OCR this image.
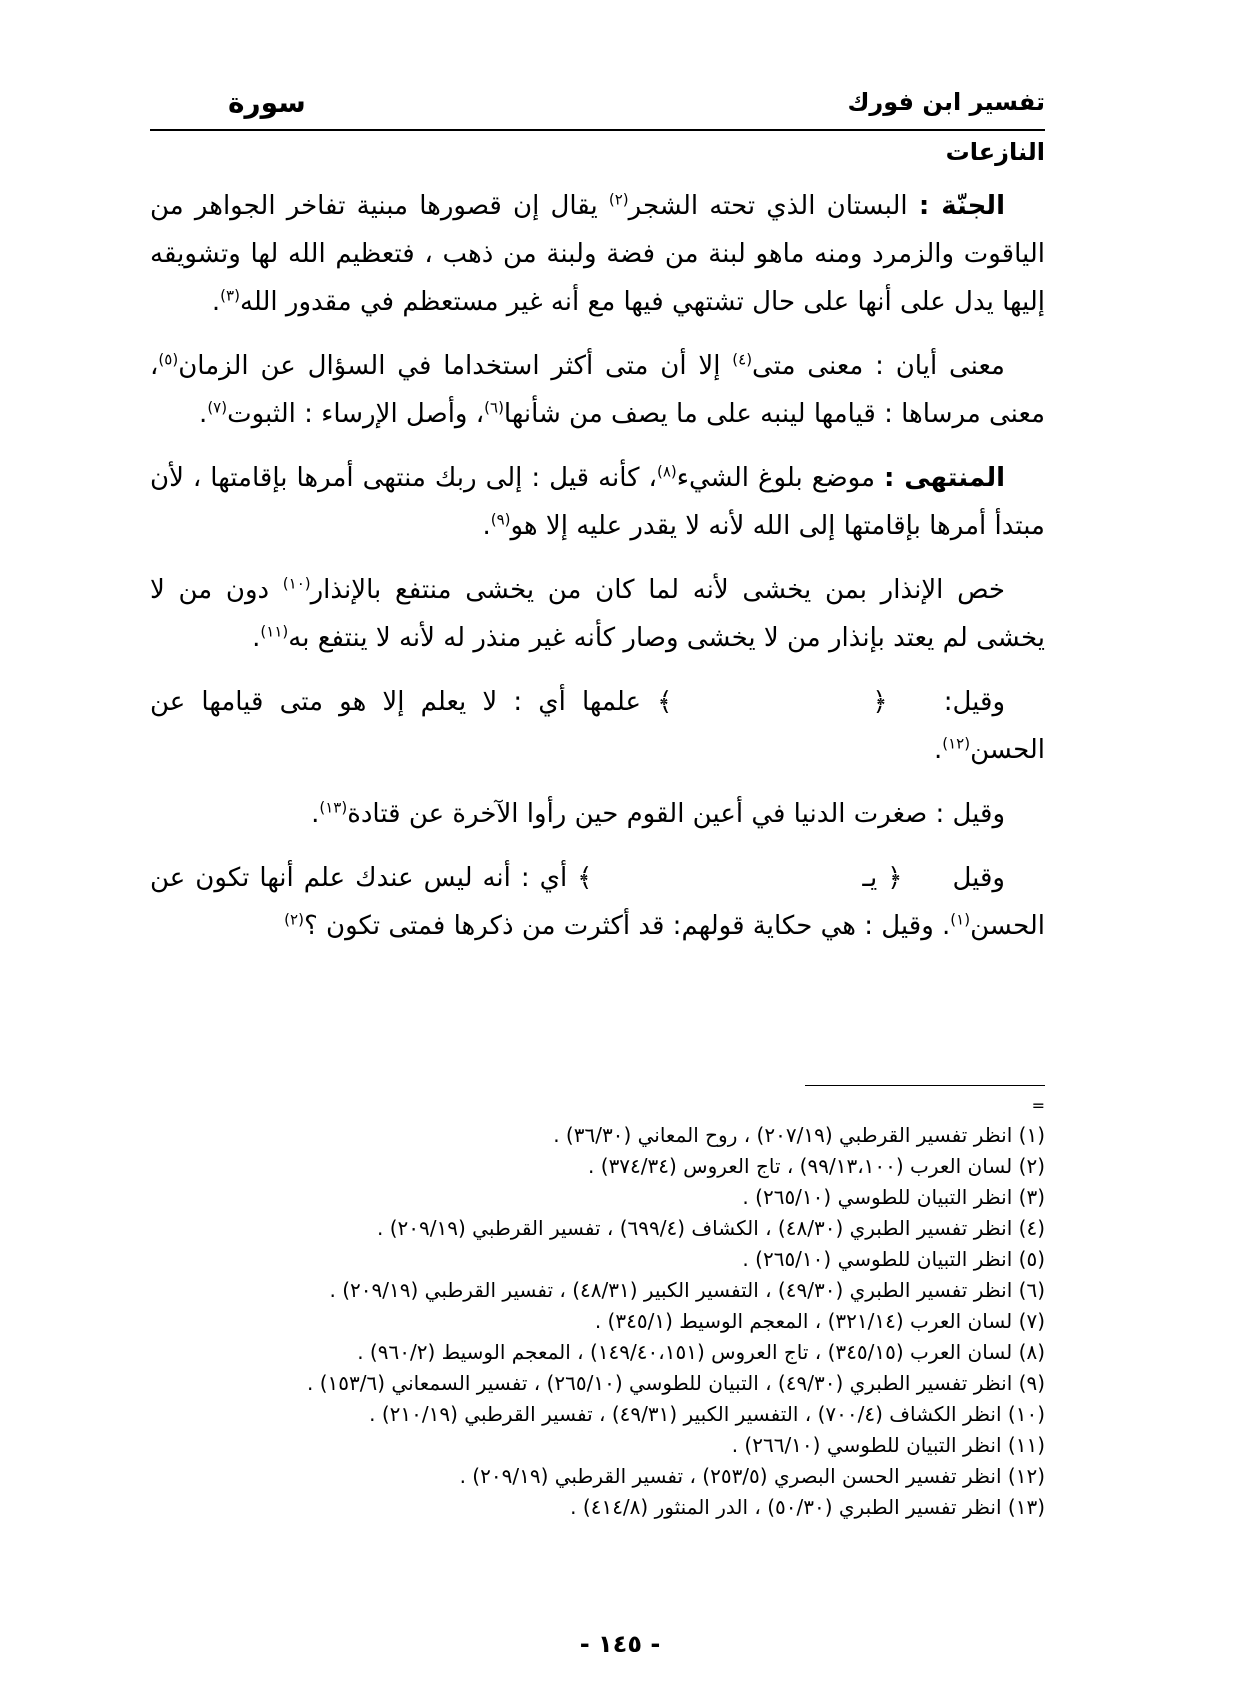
تفسير ابن فورك
سورة
النازعات

الجنّة : البستان الذي تحته الشجر$^{(٢)}$ يقال إن قصورها مبنية تفاخر الجواهر من الياقوت والزمرد ومنه ماهو لبنة من فضة ولبنة من ذهب ، فتعظيم الله لها وتشويقه إليها يدل على أنها على حال تشتهي فيها مع أنه غير مستعظم في مقدور الله$^{(٣)}$.

معنى أيان : معنى متى$^{(٤)}$ إلا أن متى أكثر استخداما في السؤال عن الزمان$^{(٥)}$، معنى مرساها : قيامها لينبه على ما يصف من شأنها$^{(٦)}$، وأصل الإرساء : الثبوت$^{(٧)}$.

المنتهى : موضع بلوغ الشيء$^{(٨)}$، كأنه قيل : إلى ربك منتهى أمرها بإقامتها ، لأن مبتدأ أمرها بإقامتها إلى الله لأنه لا يقدر عليه إلا هو$^{(٩)}$.

خص الإنذار بمن يخشى لأنه لما كان من يخشى منتفع بالإنذار$^{(١٠)}$ دون من لا يخشى لم يعتد بإنذار من لا يخشى وصار كأنه غير منذر له لأنه لا ينتفع به$^{(١١)}$.

وقيل: ﴿﴾ علمها أي : لا يعلم إلا هو متى قيامها عن الحسن$^{(١٢)}$.

وقيل : صغرت الدنيا في أعين القوم حين رأوا الآخرة عن قتادة$^{(١٣)}$.

وقيل ﴿ يـ﴾ أي : أنه ليس عندك علم أنها تكون عن الحسن$^{(١)}$. وقيل : هي حكاية قولهم: قد أكثرت من ذكرها فمتى تكون ؟$^{(٢)}$

=

(١) انظر تفسير القرطبي (٢٠٧/١٩) ، روح المعاني (٣٦/٣٠) .

(٢) لسان العرب (٩٩/١٣،١٠٠) ، تاج العروس (٣٧٤/٣٤) .

(٣) انظر التبيان للطوسي (٢٦٥/١٠) .

(٤) انظر تفسير الطبري (٤٨/٣٠) ، الكشاف (٦٩٩/٤) ، تفسير القرطبي (٢٠٩/١٩) .

(٥) انظر التبيان للطوسي (٢٦٥/١٠) .

(٦) انظر تفسير الطبري (٤٩/٣٠) ، التفسير الكبير (٤٨/٣١) ، تفسير القرطبي (٢٠٩/١٩) .

(٧) لسان العرب (٣٢١/١٤) ، المعجم الوسيط (٣٤٥/١) .

(٨) لسان العرب (٣٤٥/١٥) ، تاج العروس (١٤٩/٤٠،١٥١) ، المعجم الوسيط (٩٦٠/٢) .

(٩) انظر تفسير الطبري (٤٩/٣٠) ، التبيان للطوسي (٢٦٥/١٠) ، تفسير السمعاني (١٥٣/٦) .

(١٠) انظر الكشاف (٧٠٠/٤) ، التفسير الكبير (٤٩/٣١) ، تفسير القرطبي (٢١٠/١٩) .

(١١) انظر التبيان للطوسي (٢٦٦/١٠) .

(١٢) انظر تفسير الحسن البصري (٢٥٣/٥) ، تفسير القرطبي (٢٠٩/١٩) .

(١٣) انظر تفسير الطبري (٥٠/٣٠) ، الدر المنثور (٤١٤/٨) .

- ١٤٥ -
